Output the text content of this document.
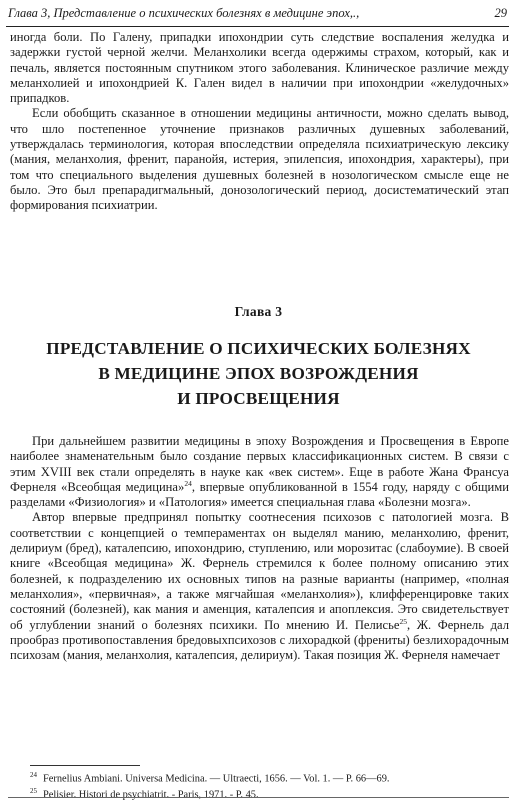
Глава 3, Представление о психических болезнях в медицине эпох,.,	29

иногда боли. По Галену, припадки ипохондрии суть следствие воспаления желудка и задержки густой черной желчи. Меланхолики всегда одержимы страхом, который, как и печаль, является постоянным спутником этого заболевания. Клиническое различие между меланхолией и ипохондрией К. Гален видел в наличии при ипохондрии «желудочных» припадков.

Если обобщить сказанное в отношении медицины античности, можно сделать вывод, что шло постепенное уточнение признаков различных душевных заболеваний, утверждалась терминология, которая впоследствии определяла психиатрическую лексику (мания, меланхолия, френит, паранойя, истерия, эпилепсия, ипохондрия, характеры), при том что специального выделения душевных болезней в нозологическом смысле еще не было. Это был препарадигмальный, донозологический период, досистематический этап формирования психиатрии.

Глава 3
ПРЕДСТАВЛЕНИЕ О ПСИХИЧЕСКИХ БОЛЕЗНЯХ
В МЕДИЦИНЕ ЭПОХ ВОЗРОЖДЕНИЯ
И ПРОСВЕЩЕНИЯ

При дальнейшем развитии медицины в эпоху Возрождения и Просвещения в Европе наиболее знаменательным было создание первых классификационных систем. В связи с этим XVIII век стали определять в науке как «век систем». Еще в работе Жана Франсуа Фернеля «Всеобщая медицина»$^{24}$, впервые опубликованной в 1554 году, наряду с общими разделами «Физиология» и «Патология» имеется специальная глава «Болезни мозга».

Автор впервые предпринял попытку соотнесения психозов с патологией мозга. В соответствии с концепцией о темпераментах он выделял манию, меланхолию, френит, делириум (бред), каталепсию, ипохондрию, ступлению, или морозитас (слабоумие). В своей книге «Всеобщая медицина» Ж. Фернель стремился к более полному описанию этих болезней, к подразделению их основных типов на разные варианты (например, «полная меланхолия», «первичная», а также мягчайшая «меланхолия»), клиффеpенцировке таких состояний (болезней), как мания и аменция, каталепсия и апоплексия. Это свидетельствует об углублении знаний о болезнях психики. По мнению И. Пелисье$^{25}$, Ж. Фернель дал прообраз противопоставления бредовыхпсихозов с лихорадкой (френиты) безлихорадочным психозам (мания, меланхолия, каталепсия, делириум). Такая позиция Ж. Фернеля намечает

$^{24}$ Fernelius Ambiani. Universa Medicina. — Ultraecti, 1656. — Vol. 1. — P. 66—69.
$^{25}$ Pelisier. Histori de psychiatrit. - Paris, 1971. - P. 45.
